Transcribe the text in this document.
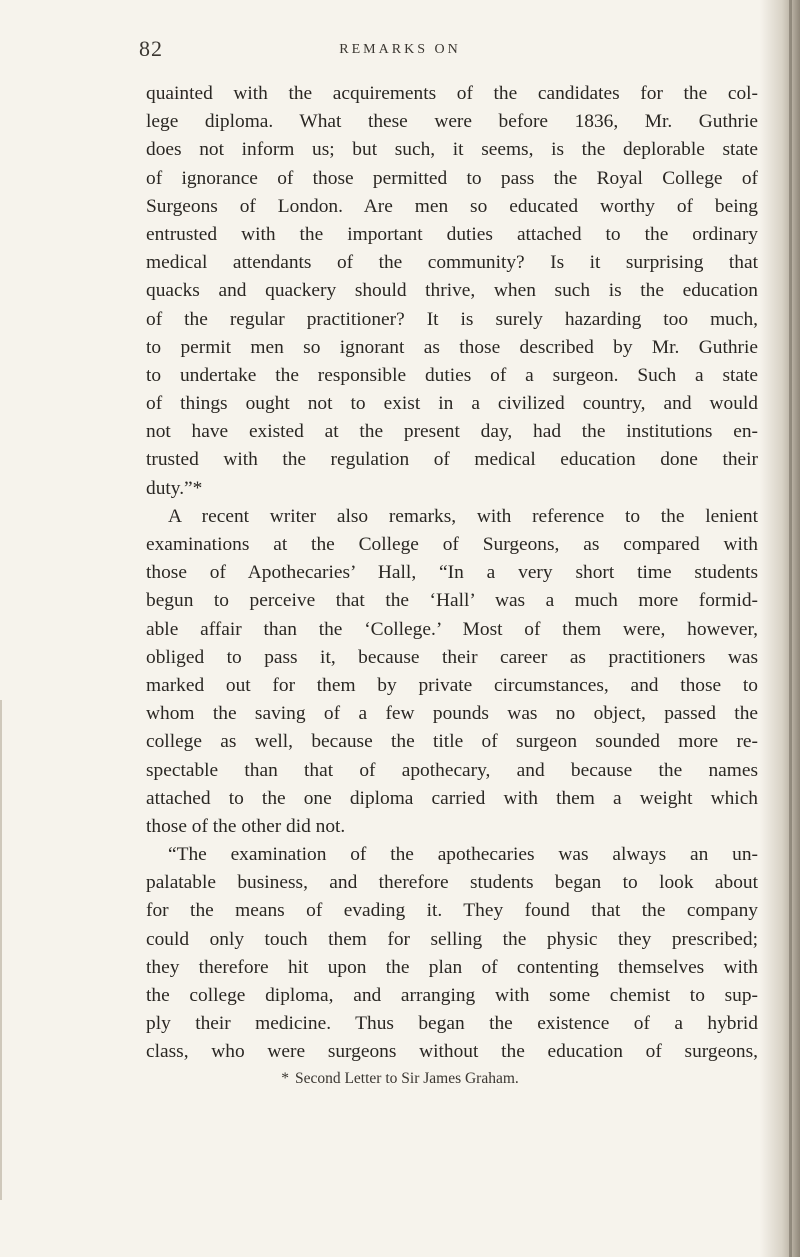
82	REMARKS ON
quainted with the acquirements of the candidates for the col-
lege diploma. What these were before 1836, Mr. Guthrie
does not inform us; but such, it seems, is the deplorable state
of ignorance of those permitted to pass the Royal College of
Surgeons of London. Are men so educated worthy of being
entrusted with the important duties attached to the ordinary
medical attendants of the community? Is it surprising that
quacks and quackery should thrive, when such is the education
of the regular practitioner? It is surely hazarding too much,
to permit men so ignorant as those described by Mr. Guthrie
to undertake the responsible duties of a surgeon. Such a state
of things ought not to exist in a civilized country, and would
not have existed at the present day, had the institutions en-
trusted with the regulation of medical education done their
duty.”*
A recent writer also remarks, with reference to the lenient
examinations at the College of Surgeons, as compared with
those of Apothecaries’ Hall, “In a very short time students
begun to perceive that the ‘Hall’ was a much more formid-
able affair than the ‘College.’ Most of them were, however,
obliged to pass it, because their career as practitioners was
marked out for them by private circumstances, and those to
whom the saving of a few pounds was no object, passed the
college as well, because the title of surgeon sounded more re-
spectable than that of apothecary, and because the names
attached to the one diploma carried with them a weight which
those of the other did not.
“The examination of the apothecaries was always an un-
palatable business, and therefore students began to look about
for the means of evading it. They found that the company
could only touch them for selling the physic they prescribed;
they therefore hit upon the plan of contenting themselves with
the college diploma, and arranging with some chemist to sup-
ply their medicine. Thus began the existence of a hybrid
class, who were surgeons without the education of surgeons,
* Second Letter to Sir James Graham.
